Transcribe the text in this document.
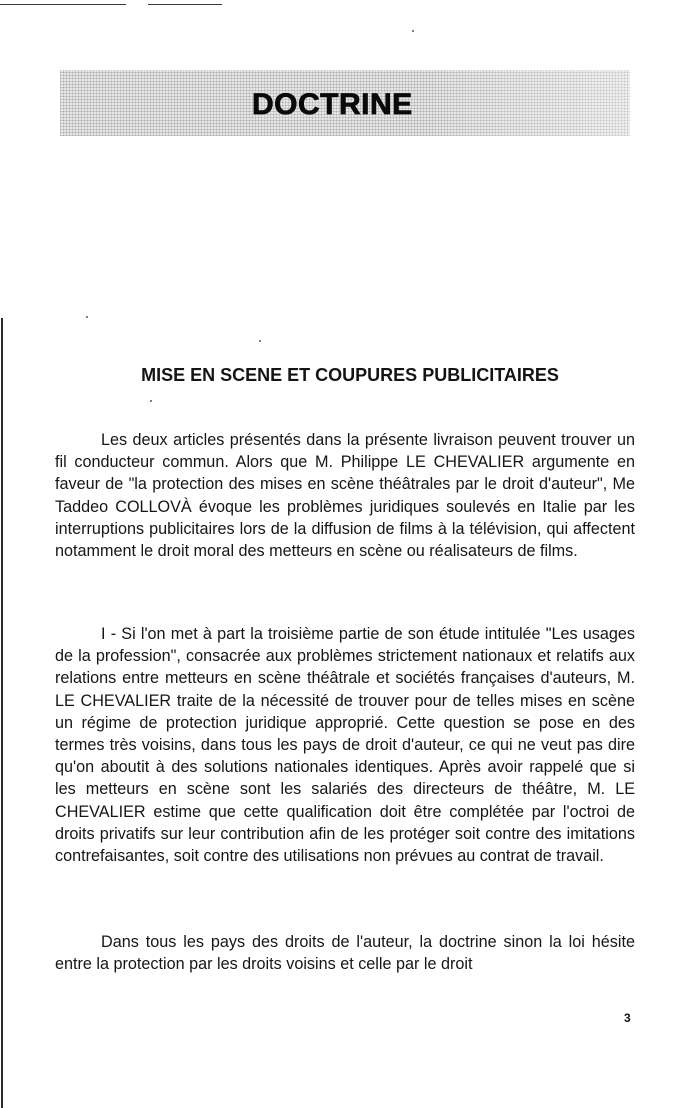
DOCTRINE
MISE EN SCENE ET COUPURES PUBLICITAIRES

Les deux articles présentés dans la présente livraison peuvent trouver un fil conducteur commun. Alors que M. Philippe LE CHEVALIER argumente en faveur de "la protection des mises en scène théâtrales par le droit d'auteur", Me Taddeo COLLOVÀ évoque les problèmes juridiques soulevés en Italie par les interruptions publicitaires lors de la diffusion de films à la télévision, qui affectent notamment le droit moral des metteurs en scène ou réalisateurs de films.

I - Si l'on met à part la troisième partie de son étude intitulée "Les usages de la profession", consacrée aux problèmes strictement nationaux et relatifs aux relations entre metteurs en scène théâtrale et sociétés françaises d'auteurs, M. LE CHEVALIER traite de la nécessité de trouver pour de telles mises en scène un régime de protection juridique approprié. Cette question se pose en des termes très voisins, dans tous les pays de droit d'auteur, ce qui ne veut pas dire qu'on aboutit à des solutions nationales identiques. Après avoir rappelé que si les metteurs en scène sont les salariés des directeurs de théâtre, M. LE CHEVALIER estime que cette qualification doit être complétée par l'octroi de droits privatifs sur leur contribution afin de les protéger soit contre des imitations contrefaisantes, soit contre des utilisations non prévues au contrat de travail.

Dans tous les pays des droits de l'auteur, la doctrine sinon la loi hésite entre la protection par les droits voisins et celle par le droit

3
